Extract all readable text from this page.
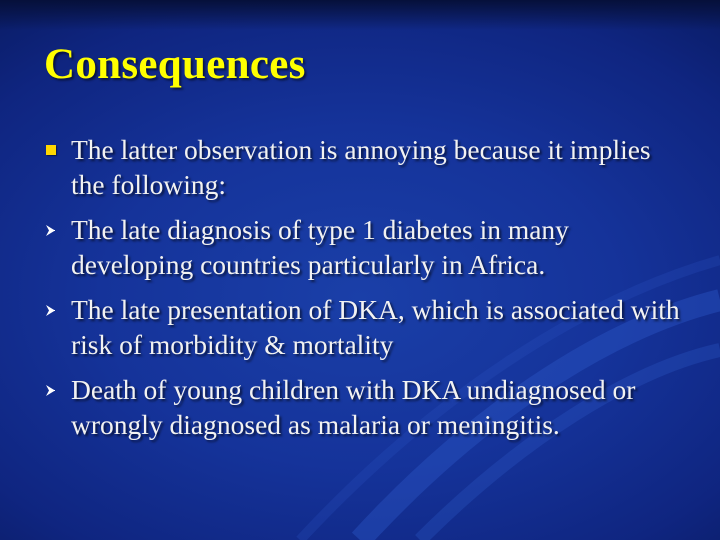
Consequences
The latter observation is annoying because it implies the following:
The late diagnosis of type 1 diabetes in many developing countries particularly in Africa.
The late presentation of DKA, which is associated with risk of morbidity & mortality
Death of young children with DKA undiagnosed or wrongly diagnosed as malaria or meningitis.
